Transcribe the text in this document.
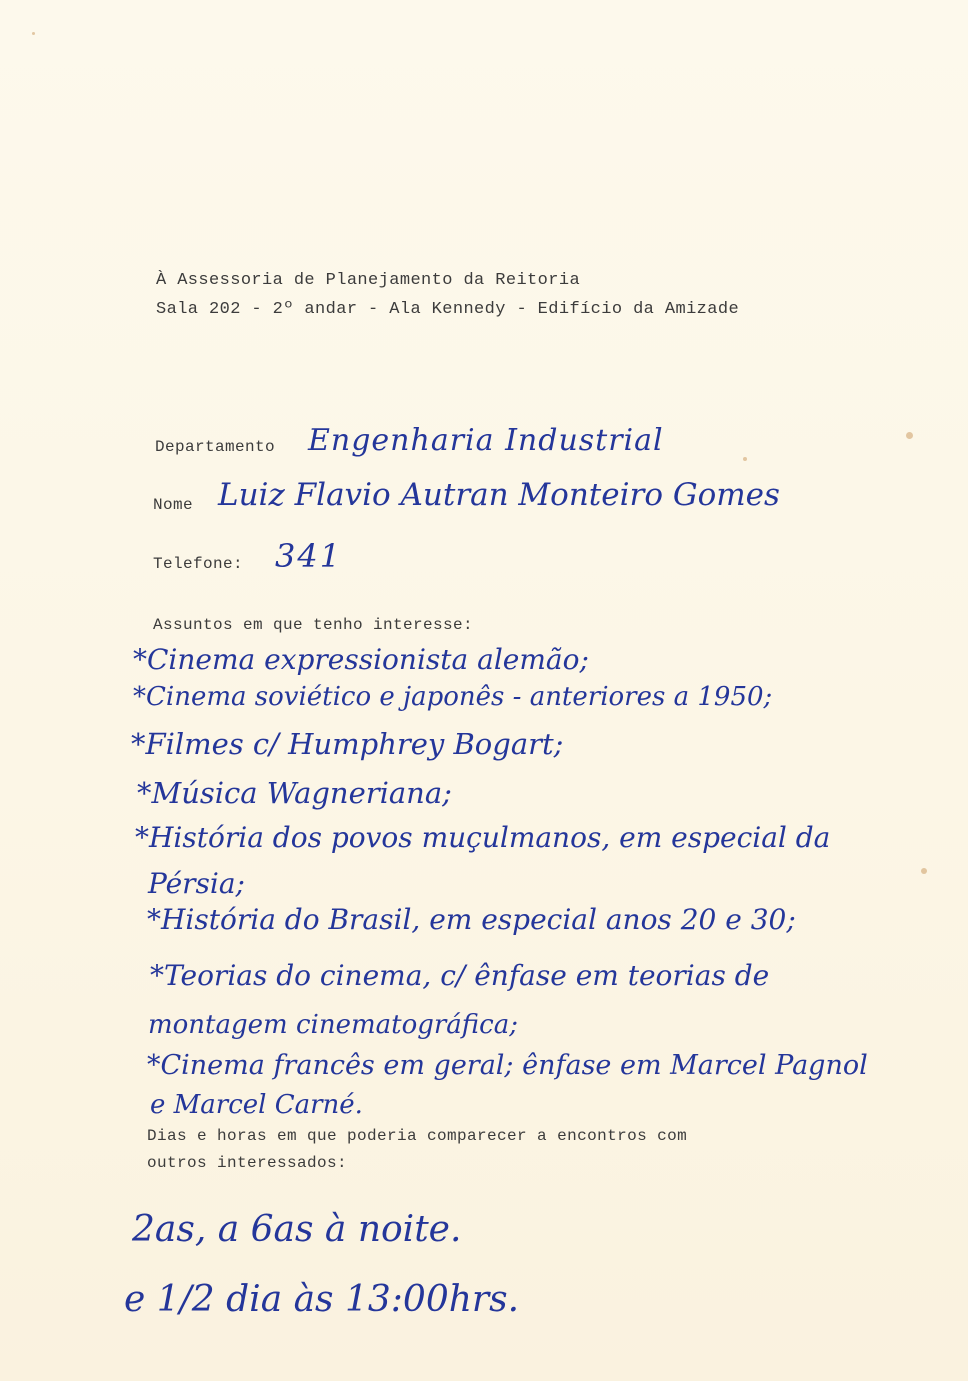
À Assessoria de Planejamento da Reitoria

Sala 202 - 2º andar - Ala Kennedy - Edifício da Amizade

Departamento Engenharia Industrial

Nome Luiz Flavio Autran Monteiro Gomes

Telefone: 341

Assuntos em que tenho interesse:

*Cinema expressionista alemão;

*Cinema soviético e japonês - anteriores a 1950;

*Filmes c/ Humphrey Bogart;

*Música Wagneriana;

*História dos povos muçulmanos, em especial da

Pérsia;

*História do Brasil, em especial anos 20 e 30;

*Teorias do cinema, c/ ênfase em teorias de

montagem cinematográfica;

*Cinema francês em geral; ênfase em Marcel Pagnol

e Marcel Carné.

Dias e horas em que poderia comparecer a encontros com

outros interessados:

2as, a 6as à noite.

e 1/2 dia às 13:00hrs.
